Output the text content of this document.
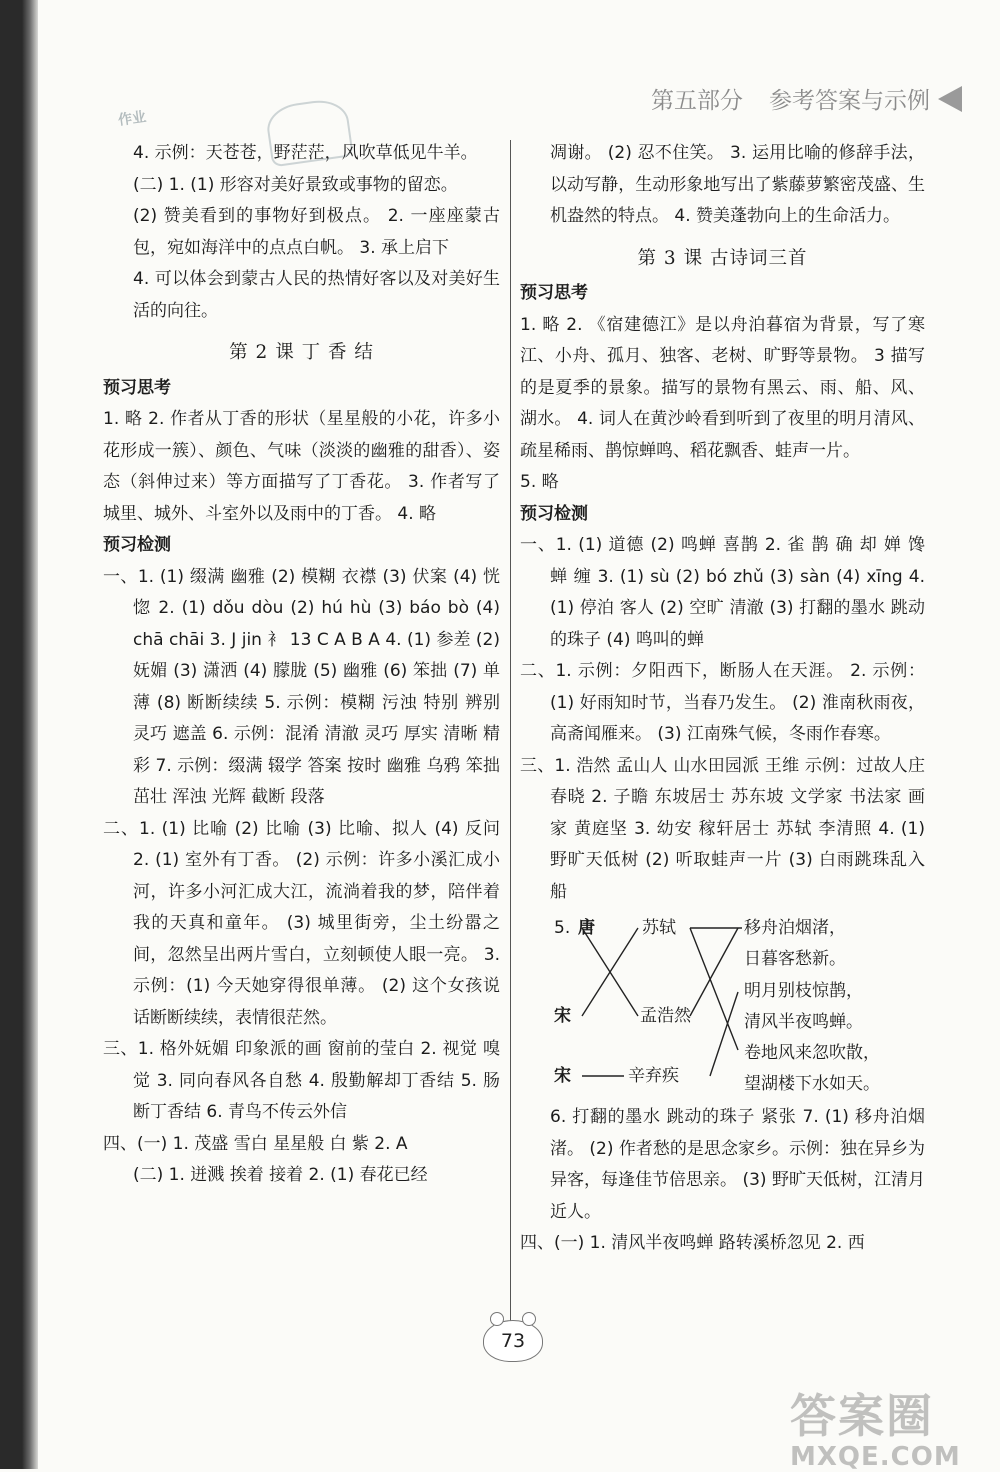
第五部分 参考答案与示例

4. 示例：天苍苍，野茫茫，风吹草低见牛羊。

(二) 1. (1) 形容对美好景致或事物的留恋。

(2) 赞美看到的事物好到极点。 2. 一座座蒙古包，宛如海洋中的点点白帆。 3. 承上启下

4. 可以体会到蒙古人民的热情好客以及对美好生活的向往。

第 2 课 丁 香 结

预习思考

1. 略 2. 作者从丁香的形状（星星般的小花，许多小花形成一簇）、颜色、气味（淡淡的幽雅的甜香）、姿态（斜伸过来）等方面描写了丁香花。 3. 作者写了城里、城外、斗室外以及雨中的丁香。 4. 略

预习检测

一、1. (1) 缀满 幽雅 (2) 模糊 衣襟 (3) 伏案 (4) 恍惚 2. (1) dǒu dòu (2) hú hù (3) báo bò (4) chā chāi 3. J jin 衤 13 C A B A 4. (1) 参差 (2) 妩媚 (3) 潇洒 (4) 朦胧 (5) 幽雅 (6) 笨拙 (7) 单薄 (8) 断断续续 5. 示例：模糊 污浊 特别 辨别 灵巧 遮盖 6. 示例：混淆 清澈 灵巧 厚实 清晰 精彩 7. 示例：缀满 辍学 答案 按时 幽雅 乌鸦 笨拙 茁壮 浑浊 光辉 截断 段落

二、1. (1) 比喻 (2) 比喻 (3) 比喻、拟人 (4) 反问 2. (1) 室外有丁香。 (2) 示例：许多小溪汇成小河，许多小河汇成大江，流淌着我的梦，陪伴着我的天真和童年。 (3) 城里街旁，尘土纷嚣之间，忽然呈出两片雪白，立刻顿使人眼一亮。 3. 示例：(1) 今天她穿得很单薄。 (2) 这个女孩说话断断续续，表情很茫然。

三、1. 格外妩媚 印象派的画 窗前的莹白 2. 视觉 嗅觉 3. 同向春风各自愁 4. 殷勤解却丁香结 5. 肠断丁香结 6. 青鸟不传云外信

四、(一) 1. 茂盛 雪白 星星般 白 紫 2. A

(二) 1. 迸溅 挨着 接着 2. (1) 春花已经

凋谢。 (2) 忍不住笑。 3. 运用比喻的修辞手法，以动写静，生动形象地写出了紫藤萝繁密茂盛、生机盎然的特点。 4. 赞美蓬勃向上的生命活力。

第 3 课 古诗词三首

预习思考

1. 略 2. 《宿建德江》是以舟泊暮宿为背景，写了寒江、小舟、孤月、独客、老树、旷野等景物。 3 描写的是夏季的景象。描写的景物有黑云、雨、船、风、湖水。 4. 词人在黄沙岭看到听到了夜里的明月清风、疏星稀雨、鹊惊蝉鸣、稻花飘香、蛙声一片。

5. 略

预习检测

一、1. (1) 道德 (2) 鸣蝉 喜鹊 2. 雀 鹊 确 却 婵 馋 蝉 缠 3. (1) sù (2) bó zhǔ (3) sàn (4) xīng 4. (1) 停泊 客人 (2) 空旷 清澈 (3) 打翻的墨水 跳动的珠子 (4) 鸣叫的蝉

二、1. 示例：夕阳西下，断肠人在天涯。 2. 示例：(1) 好雨知时节，当春乃发生。 (2) 淮南秋雨夜，高斋闻雁来。 (3) 江南殊气候，冬雨作春寒。

三、1. 浩然 孟山人 山水田园派 王维 示例：过故人庄 春晓 2. 子瞻 东坡居士 苏东坡 文学家 书法家 画家 黄庭坚 3. 幼安 稼轩居士 苏轼 李清照 4. (1) 野旷天低树 (2) 听取蛙声一片 (3) 白雨跳珠乱入船

5. 唐
宋
宋
苏轼
孟浩然
辛弃疾
移舟泊烟渚，
日暮客愁新。
明月别枝惊鹊，
清风半夜鸣蝉。
卷地风来忽吹散，
望湖楼下水如天。

6. 打翻的墨水 跳动的珠子 紧张 7. (1) 移舟泊烟渚。 (2) 作者愁的是思念家乡。示例：独在异乡为异客，每逢佳节倍思亲。 (3) 野旷天低树，江清月近人。

四、(一) 1. 清风半夜鸣蝉 路转溪桥忽见 2. 西

73
作业
答案圈
MXQE.COM
